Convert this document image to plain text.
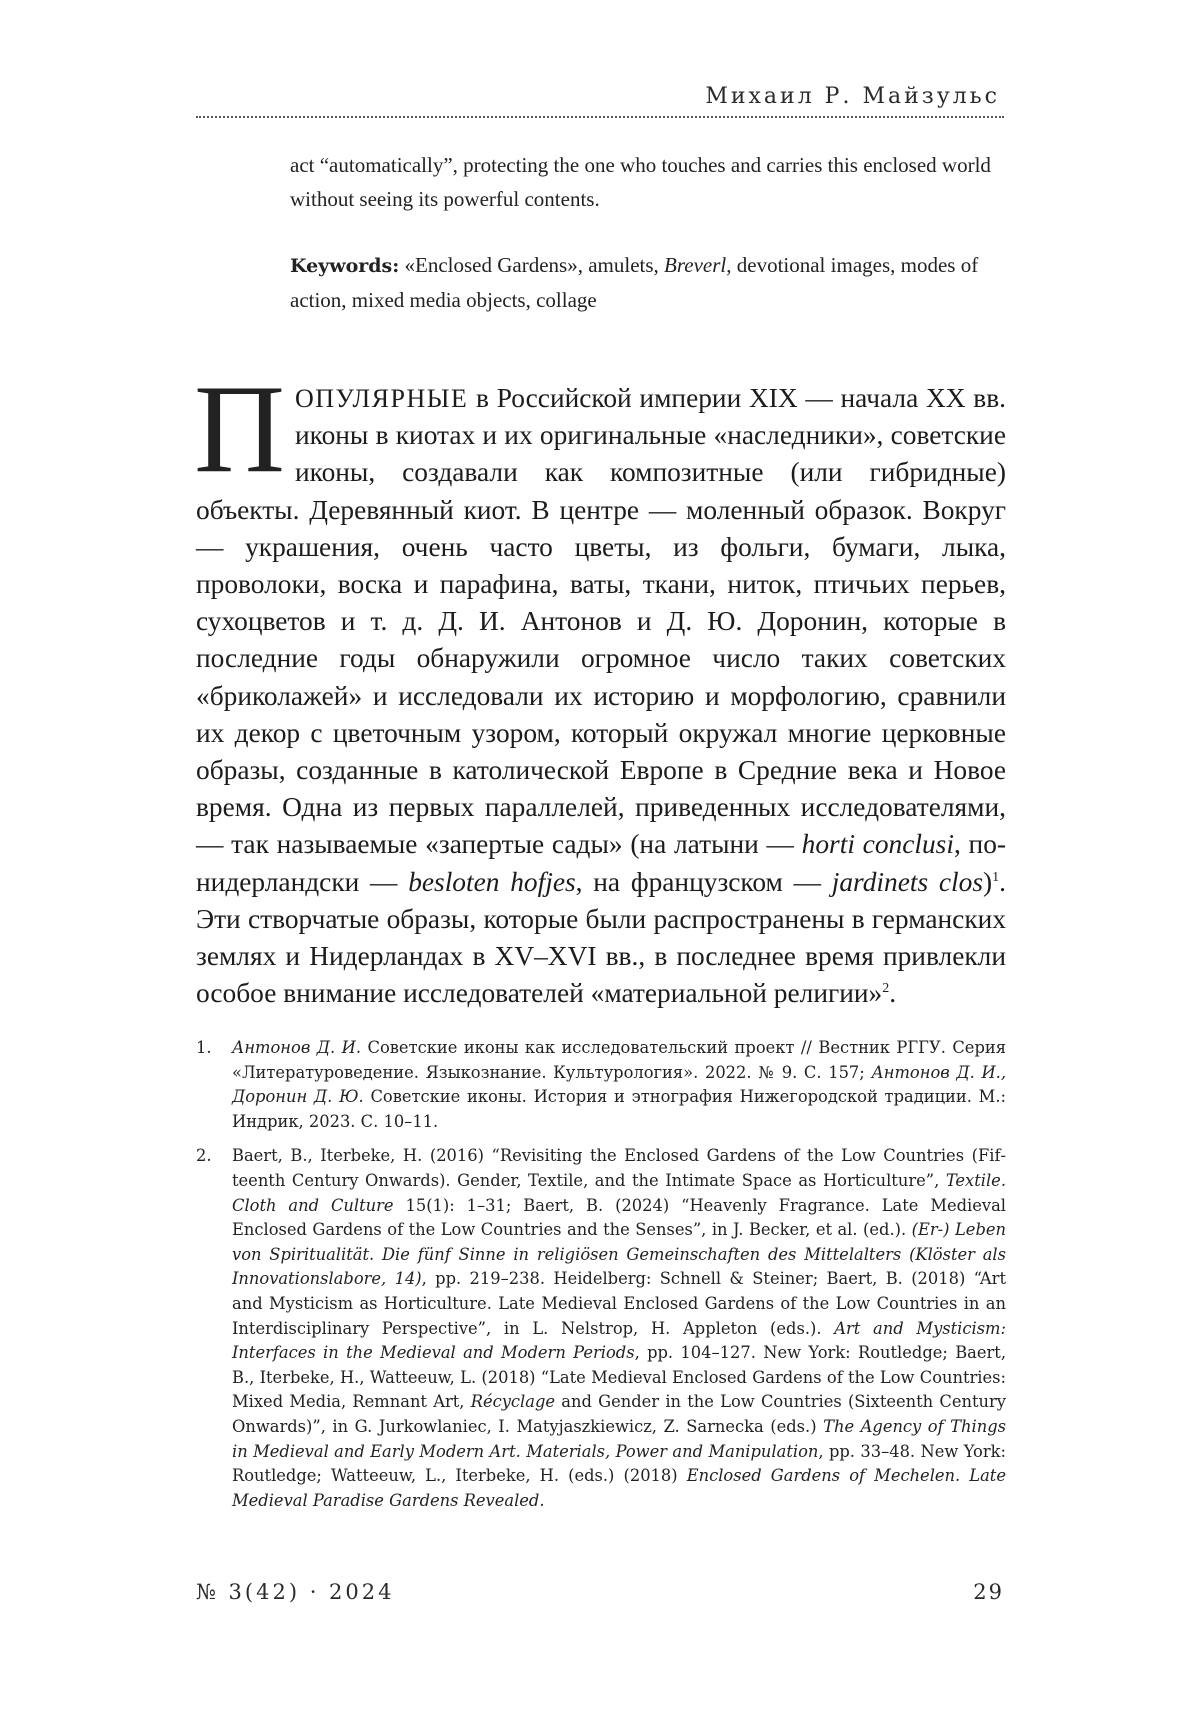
Михаил Р. Майзульс

act “automatically”, protecting the one who touches and carries this enclosed world without seeing its powerful contents.

Keywords: «Enclosed Gardens», amulets, Breverl, devotional images, modes of action, mixed media objects, collage

ПОПУЛЯРНЫЕ в Российской империи XIX — начала XX вв. иконы в киотах и их оригинальные «наследники», советские иконы, создавали как композитные (или гибридные) объекты. Деревянный киот. В центре — моленный образок. Вокруг — украшения, очень часто цветы, из фольги, бумаги, лыка, проволоки, воска и парафина, ваты, ткани, ниток, птичьих перьев, сухоцветов и т. д. Д. И. Антонов и Д. Ю. Доронин, которые в последние годы обнаружили огромное число таких советских «бриколажей» и исследовали их историю и морфологию, сравнили их декор с цветочным узором, который окружал многие церковные образы, созданные в католической Европе в Средние века и Новое время. Одна из первых параллелей, приведенных исследователями, — так называемые «запертые сады» (на латыни — horti conclusi, по-нидерландски — besloten hofjes, на французском — jardinets clos)$^1$. Эти створчатые образы, которые были распространены в германских землях и Нидерландах в XV–XVI вв., в последнее время привлекли особое внимание исследователей «материальной религии»$^2$.

1.	Антонов Д. И. Советские иконы как исследовательский проект // Вестник РГГУ. Серия «Литературоведение. Языкознание. Культурология». 2022. № 9. С. 157; Антонов Д. И., Доронин Д. Ю. Советские иконы. История и этнография Нижегородской традиции. М.: Индрик, 2023. С. 10–11.
2.	Baert, B., Iterbeke, H. (2016) “Revisiting the Enclosed Gardens of the Low Countries (Fifteenth Century Onwards). Gender, Textile, and the Intimate Space as Horticulture”, Textile. Cloth and Culture 15(1): 1–31; Baert, B. (2024) “Heavenly Fragrance. Late Medieval Enclosed Gardens of the Low Countries and the Senses”, in J. Becker, et al. (ed.). (Er-) Leben von Spiritualität. Die fünf Sinne in religiösen Gemeinschaften des Mittelalters (Klöster als Innovationslabore, 14), pp. 219–238. Heidelberg: Schnell & Steiner; Baert, B. (2018) “Art and Mysticism as Horticulture. Late Medieval Enclosed Gardens of the Low Countries in an Interdisciplinary Perspective”, in L. Nelstrop, H. Appleton (eds.). Art and Mysticism: Interfaces in the Medieval and Modern Periods, pp. 104–127. New York: Routledge; Baert, B., Iterbeke, H., Watteeuw, L. (2018) “Late Medieval Enclosed Gardens of the Low Countries: Mixed Media, Remnant Art, Récyclage and Gender in the Low Countries (Sixteenth Century Onwards)”, in G. Jurkowlaniec, I. Matyjaszkiewicz, Z. Sarnecka (eds.) The Agency of Things in Medieval and Early Modern Art. Materials, Power and Manipulation, pp. 33–48. New York: Routledge; Watteeuw, L., Iterbeke, H. (eds.) (2018) Enclosed Gardens of Mechelen. Late Medieval Paradise Gardens Revealed.
№ 3(42) · 2024	29
